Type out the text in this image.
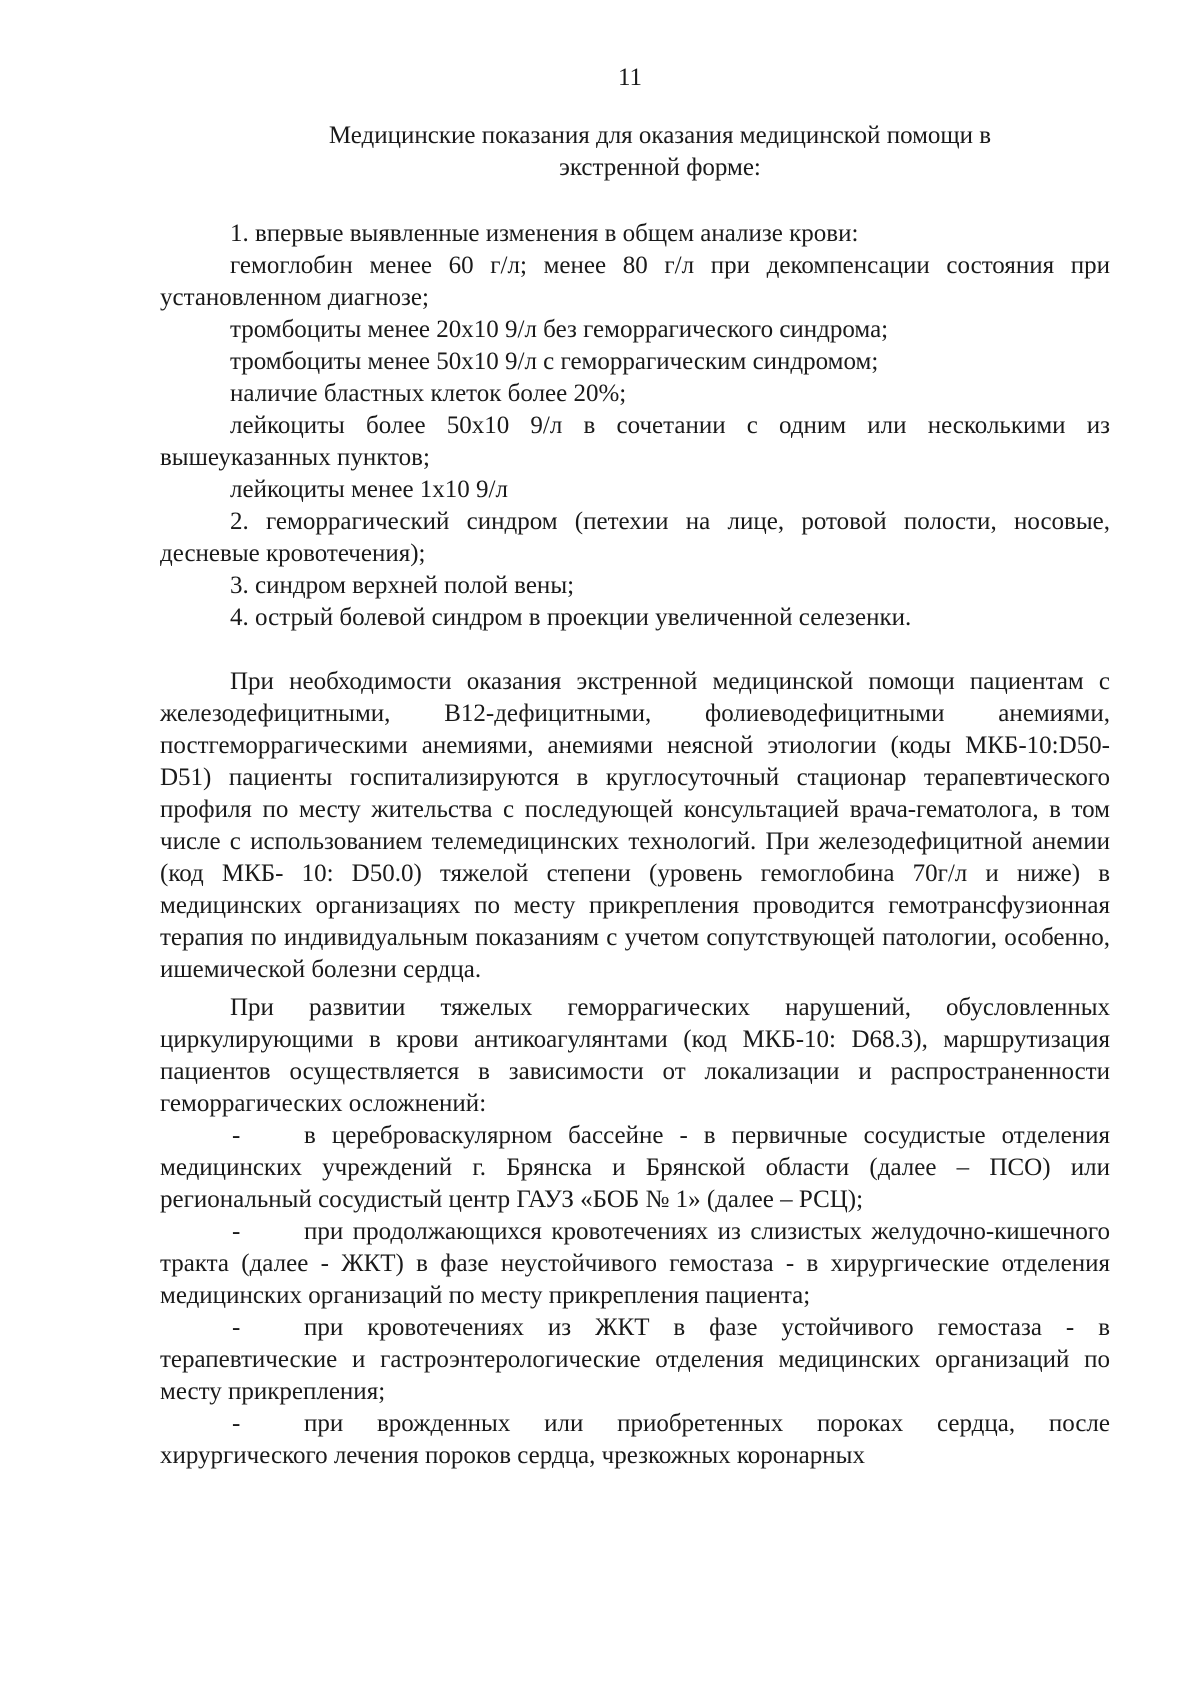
11
Медицинские показания для оказания медицинской помощи в
экстренной форме:

1. впервые выявленные изменения в общем анализе крови:

гемоглобин менее 60 г/л; менее 80 г/л при декомпенсации состояния при установленном диагнозе;

тромбоциты менее 20x10 9/л без геморрагического синдрома;

тромбоциты менее 50x10 9/л с геморрагическим синдромом;

наличие бластных клеток более 20%;

лейкоциты более 50x10 9/л в сочетании с одним или несколькими из вышеуказанных пунктов;

лейкоциты менее 1x10 9/л

2. геморрагический синдром (петехии на лице, ротовой полости, носовые, десневые кровотечения);

3. синдром верхней полой вены;

4. острый болевой синдром в проекции увеличенной селезенки.

При необходимости оказания экстренной медицинской помощи пациентам с железодефицитными, B12-дефицитными, фолиеводефицитными анемиями, постгеморрагическими анемиями, анемиями неясной этиологии (коды МКБ-10:D50-D51) пациенты госпитализируются в круглосуточный стационар терапевтического профиля по месту жительства с последующей консультацией врача-гематолога, в том числе с использованием телемедицинских технологий. При железодефицитной анемии (код МКБ- 10: D50.0) тяжелой степени (уровень гемоглобина 70г/л и ниже) в медицинских организациях по месту прикрепления проводится гемотрансфузионная терапия по индивидуальным показаниям с учетом сопутствующей патологии, особенно, ишемической болезни сердца.

При развитии тяжелых геморрагических нарушений, обусловленных циркулирующими в крови антикоагулянтами (код МКБ-10: D68.3), маршрутизация пациентов осуществляется в зависимости от локализации и распространенности геморрагических осложнений:

-	в цереброваскулярном бассейне - в первичные сосудистые отделения медицинских учреждений г. Брянска и Брянской области (далее – ПСО) или региональный сосудистый центр ГАУЗ «БОБ № 1» (далее – РСЦ);

-	при продолжающихся кровотечениях из слизистых желудочно-кишечного тракта (далее - ЖКТ) в фазе неустойчивого гемостаза - в хирургические отделения медицинских организаций по месту прикрепления пациента;

-	при кровотечениях из ЖКТ в фазе устойчивого гемостаза - в терапевтические и гастроэнтерологические отделения медицинских организаций по месту прикрепления;

-	при врожденных или приобретенных пороках сердца, после хирургического лечения пороков сердца, чрезкожных коронарных
